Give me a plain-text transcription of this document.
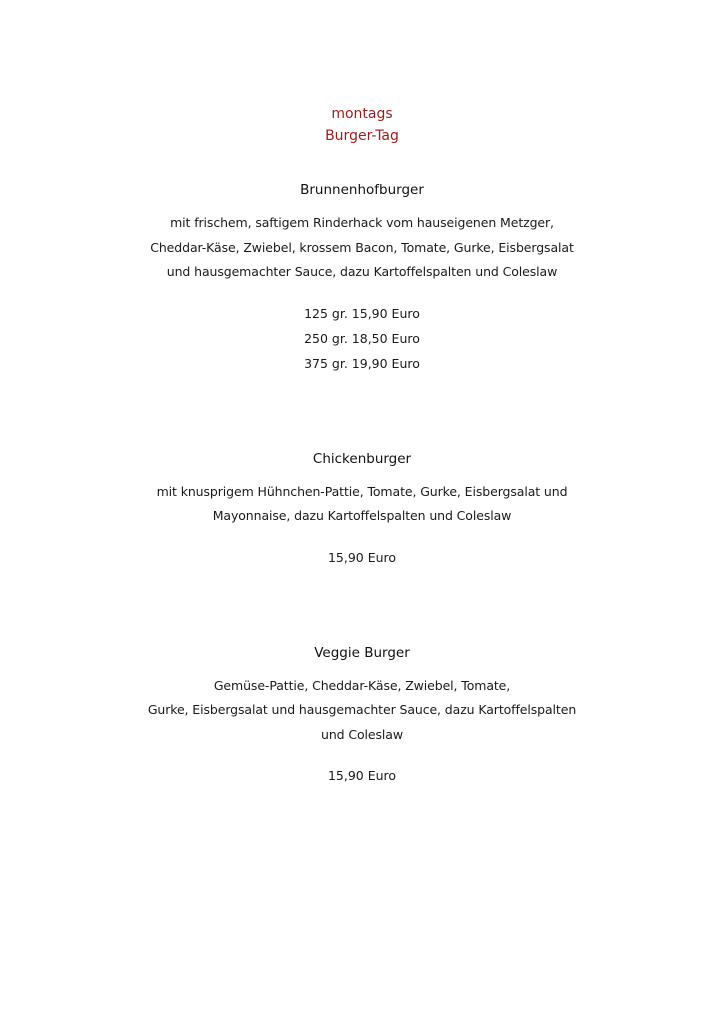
montags
Burger-Tag
Brunnenhofburger
mit frischem, saftigem Rinderhack vom hauseigenen Metzger,
Cheddar-Käse, Zwiebel, krossem Bacon, Tomate, Gurke, Eisbergsalat
und hausgemachter Sauce, dazu Kartoffelspalten und Coleslaw
125 gr. 15,90 Euro
250 gr. 18,50 Euro
375 gr. 19,90 Euro
Chickenburger
mit knusprigem Hühnchen-Pattie, Tomate, Gurke, Eisbergsalat und
Mayonnaise, dazu Kartoffelspalten und Coleslaw
15,90 Euro
Veggie Burger
Gemüse-Pattie, Cheddar-Käse, Zwiebel, Tomate,
Gurke, Eisbergsalat und hausgemachter Sauce, dazu Kartoffelspalten
und Coleslaw
15,90 Euro
